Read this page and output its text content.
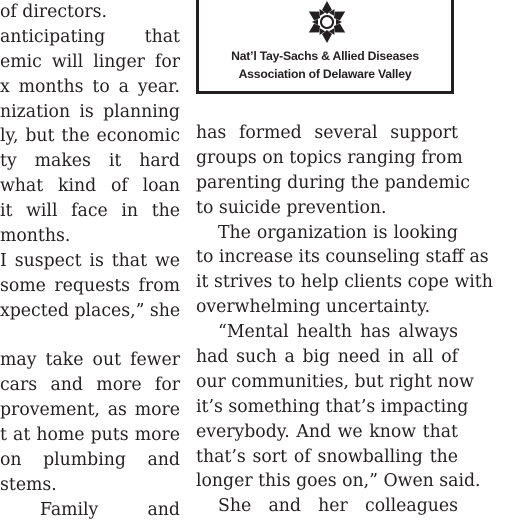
of directors.
anticipating that
emic will linger for
x months to a year.
nization is planning
ly, but the economic
ty makes it hard
what kind of loan
it will face in the
months.
I suspect is that we
some requests from
xpected places,” she
may take out fewer
cars and more for
provement, as more
t at home puts more
on plumbing and
stems.
Family and
Nat’l Tay-Sachs & Allied Diseases
Association of Delaware Valley
has formed several support
groups on topics ranging from
parenting during the pandemic
to suicide prevention.
The organization is looking
to increase its counseling staff as
it strives to help clients cope with
overwhelming uncertainty.
“Mental health has always
had such a big need in all of
our communities, but right now
it’s something that’s impacting
everybody. And we know that
that’s sort of snowballing the
longer this goes on,” Owen said.
She and her colleagues
